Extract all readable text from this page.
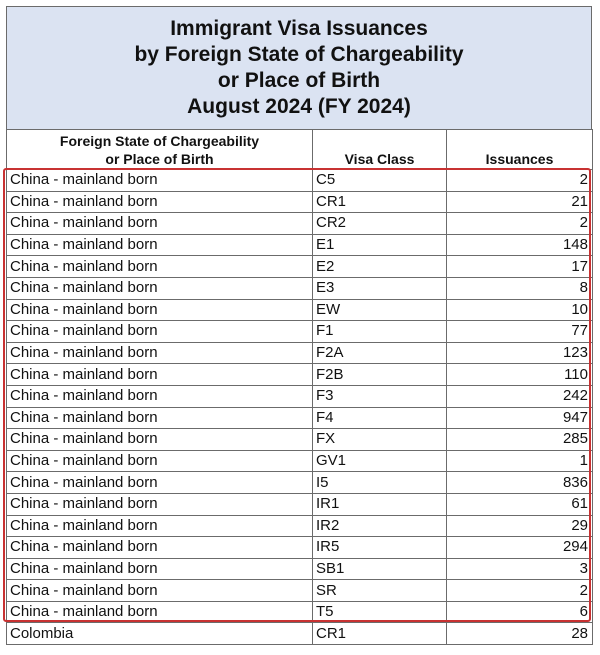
Immigrant Visa Issuances
by Foreign State of Chargeability
or Place of Birth
August 2024 (FY 2024)
Foreign State of Chargeability
or Place of Birth	Visa Class	Issuances
China - mainland born	C5	2
China - mainland born	CR1	21
China - mainland born	CR2	2
China - mainland born	E1	148
China - mainland born	E2	17
China - mainland born	E3	8
China - mainland born	EW	10
China - mainland born	F1	77
China - mainland born	F2A	123
China - mainland born	F2B	110
China - mainland born	F3	242
China - mainland born	F4	947
China - mainland born	FX	285
China - mainland born	GV1	1
China - mainland born	I5	836
China - mainland born	IR1	61
China - mainland born	IR2	29
China - mainland born	IR5	294
China - mainland born	SB1	3
China - mainland born	SR	2
China - mainland born	T5	6
Colombia	CR1	28
